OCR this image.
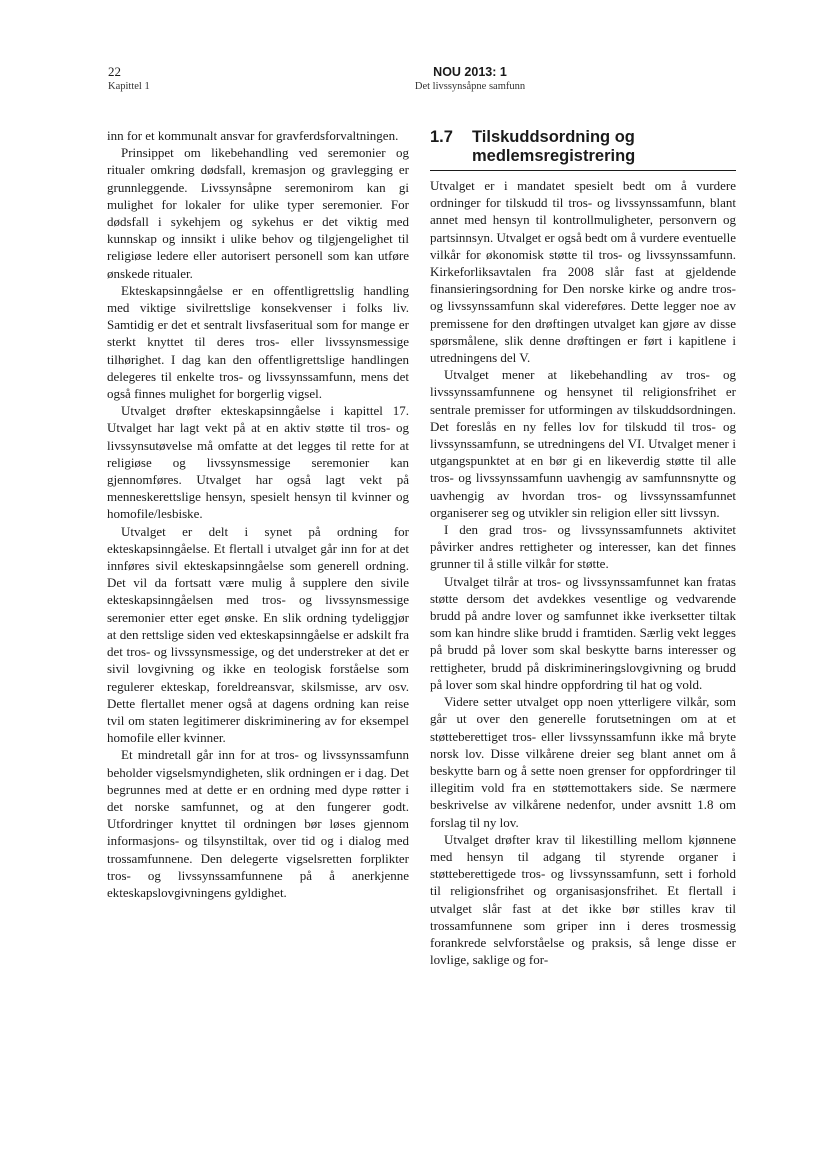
22
Kapittel 1
NOU 2013: 1
Det livssynsåpne samfunn

inn for et kommunalt ansvar for gravferdsforvaltningen.

Prinsippet om likebehandling ved seremonier og ritualer omkring dødsfall, kremasjon og gravlegging er grunnleggende. Livssynsåpne seremonirom kan gi mulighet for lokaler for ulike typer seremonier. For dødsfall i sykehjem og sykehus er det viktig med kunnskap og innsikt i ulike behov og tilgjengelighet til religiøse ledere eller autorisert personell som kan utføre ønskede ritualer.

Ekteskapsinngåelse er en offentligrettslig handling med viktige sivilrettslige konsekvenser i folks liv. Samtidig er det et sentralt livsfaseritual som for mange er sterkt knyttet til deres tros- eller livssynsmessige tilhørighet. I dag kan den offentligrettslige handlingen delegeres til enkelte tros- og livssynssamfunn, mens det også finnes mulighet for borgerlig vigsel.

Utvalget drøfter ekteskapsinngåelse i kapittel 17. Utvalget har lagt vekt på at en aktiv støtte til tros- og livssynsutøvelse må omfatte at det legges til rette for at religiøse og livssynsmessige seremonier kan gjennomføres. Utvalget har også lagt vekt på menneskerettslige hensyn, spesielt hensyn til kvinner og homofile/lesbiske.

Utvalget er delt i synet på ordning for ekteskapsinngåelse. Et flertall i utvalget går inn for at det innføres sivil ekteskapsinngåelse som generell ordning. Det vil da fortsatt være mulig å supplere den sivile ekteskapsinngåelsen med tros- og livssynsmessige seremonier etter eget ønske. En slik ordning tydeliggjør at den rettslige siden ved ekteskapsinngåelse er adskilt fra det tros- og livssynsmessige, og det understreker at det er sivil lovgivning og ikke en teologisk forståelse som regulerer ekteskap, foreldreansvar, skilsmisse, arv osv. Dette flertallet mener også at dagens ordning kan reise tvil om staten legitimerer diskriminering av for eksempel homofile eller kvinner.

Et mindretall går inn for at tros- og livssynssamfunn beholder vigselsmyndigheten, slik ordningen er i dag. Det begrunnes med at dette er en ordning med dype røtter i det norske samfunnet, og at den fungerer godt. Utfordringer knyttet til ordningen bør løses gjennom informasjons- og tilsynstiltak, over tid og i dialog med trossamfunnene. Den delegerte vigselsretten forplikter tros- og livssynssamfunnene på å anerkjenne ekteskapslovgivningens gyldighet.

1.7 Tilskuddsordning og medlemsregistrering

Utvalget er i mandatet spesielt bedt om å vurdere ordninger for tilskudd til tros- og livssynssamfunn, blant annet med hensyn til kontrollmuligheter, personvern og partsinnsyn. Utvalget er også bedt om å vurdere eventuelle vilkår for økonomisk støtte til tros- og livssynssamfunn. Kirkeforliksavtalen fra 2008 slår fast at gjeldende finansieringsordning for Den norske kirke og andre tros- og livssynssamfunn skal videreføres. Dette legger noe av premissene for den drøftingen utvalget kan gjøre av disse spørsmålene, slik denne drøftingen er ført i kapitlene i utredningens del V.

Utvalget mener at likebehandling av tros- og livssynssamfunnene og hensynet til religionsfrihet er sentrale premisser for utformingen av tilskuddsordningen. Det foreslås en ny felles lov for tilskudd til tros- og livssynssamfunn, se utredningens del VI. Utvalget mener i utgangspunktet at en bør gi en likeverdig støtte til alle tros- og livssynssamfunn uavhengig av samfunnsnytte og uavhengig av hvordan tros- og livssynssamfunnet organiserer seg og utvikler sin religion eller sitt livssyn.

I den grad tros- og livssynssamfunnets aktivitet påvirker andres rettigheter og interesser, kan det finnes grunner til å stille vilkår for støtte.

Utvalget tilrår at tros- og livssynssamfunnet kan fratas støtte dersom det avdekkes vesentlige og vedvarende brudd på andre lover og samfunnet ikke iverksetter tiltak som kan hindre slike brudd i framtiden. Særlig vekt legges på brudd på lover som skal beskytte barns interesser og rettigheter, brudd på diskrimineringslovgivning og brudd på lover som skal hindre oppfordring til hat og vold.

Videre setter utvalget opp noen ytterligere vilkår, som går ut over den generelle forutsetningen om at et støtteberettiget tros- eller livssynssamfunn ikke må bryte norsk lov. Disse vilkårene dreier seg blant annet om å beskytte barn og å sette noen grenser for oppfordringer til illegitim vold fra en støttemottakers side. Se nærmere beskrivelse av vilkårene nedenfor, under avsnitt 1.8 om forslag til ny lov.

Utvalget drøfter krav til likestilling mellom kjønnene med hensyn til adgang til styrende organer i støtteberettigede tros- og livssynssamfunn, sett i forhold til religionsfrihet og organisasjonsfrihet. Et flertall i utvalget slår fast at det ikke bør stilles krav til trossamfunnene som griper inn i deres trosmessig forankrede selvforståelse og praksis, så lenge disse er lovlige, saklige og for-
